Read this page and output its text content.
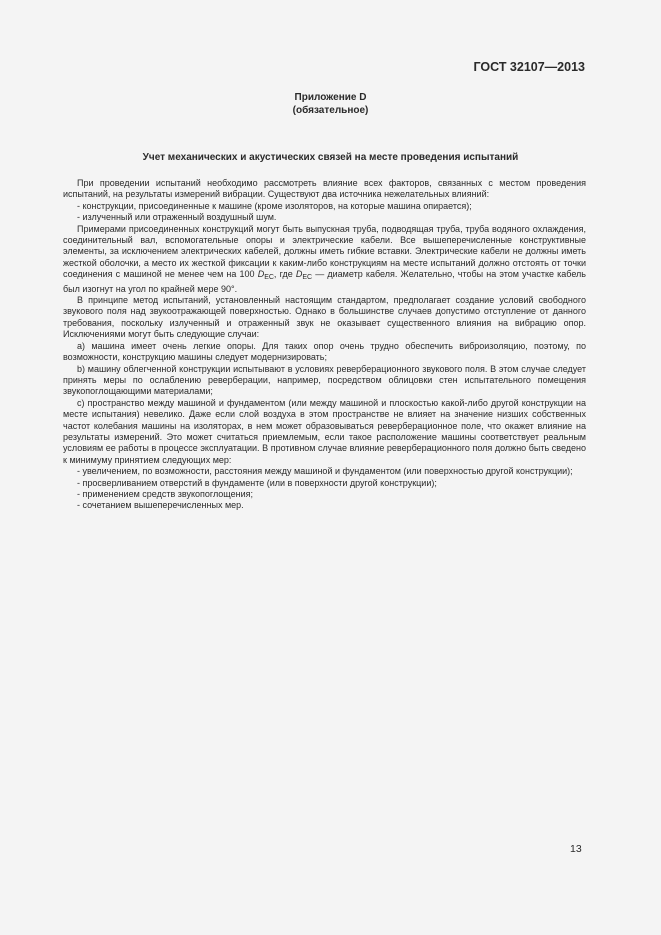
ГОСТ 32107—2013
Приложение D
(обязательное)
Учет механических и акустических связей на месте проведения испытаний

При проведении испытаний необходимо рассмотреть влияние всех факторов, связанных с местом проведения испытаний, на результаты измерений вибрации. Существуют два источника нежелательных влияний:

- конструкции, присоединенные к машине (кроме изоляторов, на которые машина опирается);

- излученный или отраженный воздушный шум.

Примерами присоединенных конструкций могут быть выпускная труба, подводящая труба, труба водяного охлаждения, соединительный вал, вспомогательные опоры и электрические кабели. Все вышеперечисленные конструктивные элементы, за исключением электрических кабелей, должны иметь гибкие вставки. Электрические кабели не должны иметь жесткой оболочки, а место их жесткой фиксации к каким-либо конструкциям на месте испытаний должно отстоять от точки соединения с машиной не менее чем на 100 $D_{EC}$, где $D_{EC}$ — диаметр кабеля. Желательно, чтобы на этом участке кабель был изогнут на угол по крайней мере 90°.

В принципе метод испытаний, установленный настоящим стандартом, предполагает создание условий свободного звукового поля над звукоотражающей поверхностью. Однако в большинстве случаев допустимо отступление от данного требования, поскольку излученный и отраженный звук не оказывает существенного влияния на вибрацию опор. Исключениями могут быть следующие случаи:

a) машина имеет очень легкие опоры. Для таких опор очень трудно обеспечить виброизоляцию, поэтому, по возможности, конструкцию машины следует модернизировать;

b) машину облегченной конструкции испытывают в условиях реверберационного звукового поля. В этом случае следует принять меры по ослаблению реверберации, например, посредством облицовки стен испытательного помещения звукопоглощающими материалами;

c) пространство между машиной и фундаментом (или между машиной и плоскостью какой-либо другой конструкции на месте испытания) невелико. Даже если слой воздуха в этом пространстве не влияет на значение низших собственных частот колебания машины на изоляторах, в нем может образовываться реверберационное поле, что окажет влияние на результаты измерений. Это может считаться приемлемым, если такое расположение машины соответствует реальным условиям ее работы в процессе эксплуатации. В противном случае влияние реверберационного поля должно быть сведено к минимуму принятием следующих мер:

- увеличением, по возможности, расстояния между машиной и фундаментом (или поверхностью другой конструкции);

- просверливанием отверстий в фундаменте (или в поверхности другой конструкции);

- применением средств звукопоглощения;

- сочетанием вышеперечисленных мер.

13
